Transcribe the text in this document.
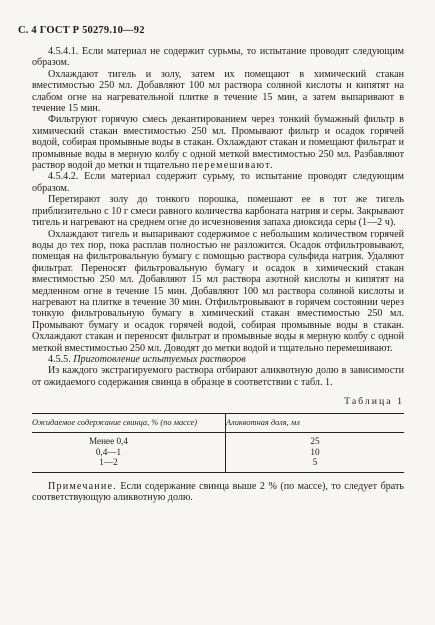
С. 4 ГОСТ Р 50279.10—92

4.5.4.1. Если материал не содержит сурьмы, то испытание проводят следующим образом.

Охлаждают тигель и золу, затем их помещают в химический стакан вместимостью 250 мл. Добавляют 100 мл раствора соляной кислоты и кипятят на слабом огне на нагревательной плитке в течение 15 мин, а затем выпаривают в течение 15 мин.

Фильтруют горячую смесь декантированием через тонкий бумажный фильтр в химический стакан вместимостью 250 мл. Промывают фильтр и осадок горячей водой, собирая промывные воды в стакан. Охлаждают стакан и помещают фильтрат и промывные воды в мерную колбу с одной меткой вместимостью 250 мл. Разбавляют раствор водой до метки и тщательно перемешивают.

4.5.4.2. Если материал содержит сурьму, то испытание проводят следующим образом.

Перетирают золу до тонкого порошка, помешают ее в тот же тигель приблизительно с 10 г смеси равного количества карбоната натрия и серы. Закрывают тигель и нагревают на среднем огне до исчезновения запаха диоксида серы (1—2 ч).

Охлаждают тигель и выпаривают содержимое с небольшим количеством горячей воды до тех пор, пока расплав полностью не разложится. Осадок отфильтровывают, помещая на фильтровальную бумагу с помощью раствора сульфида натрия. Удаляют фильтрат. Переносят фильтровальную бумагу и осадок в химический стакан вместимостью 250 мл. Добавляют 15 мл раствора азотной кислоты и кипятят на медленном огне в течение 15 мин. Добавляют 100 мл раствора соляной кислоты и нагревают на плитке в течение 30 мин. Отфильтровывают в горячем состоянии через тонкую фильтровальную бумагу в химический стакан вместимостью 250 мл. Промывают бумагу и осадок горячей водой, собирая промывные воды в стакан. Охлаждают стакан и переносят фильтрат и промывные воды в мерную колбу с одной меткой вместимостью 250 мл. Доводят до метки водой и тщательно перемешивают.

4.5.5. Приготовление испытуемых растворов

Из каждого экстрагируемого раствора отбирают аликвотную долю в зависимости от ожидаемого содержания свинца в образце в соответствии с табл. 1.

Таблица 1
Ожидаемое содержание свинца, % (по массе)	Аликвотная доля, мл
Менее 0,4	25
0,4—1	10
1—2	5

Примечание. Если содержание свинца выше 2 % (по массе), то следует брать соответствующую аликвотную долю.
